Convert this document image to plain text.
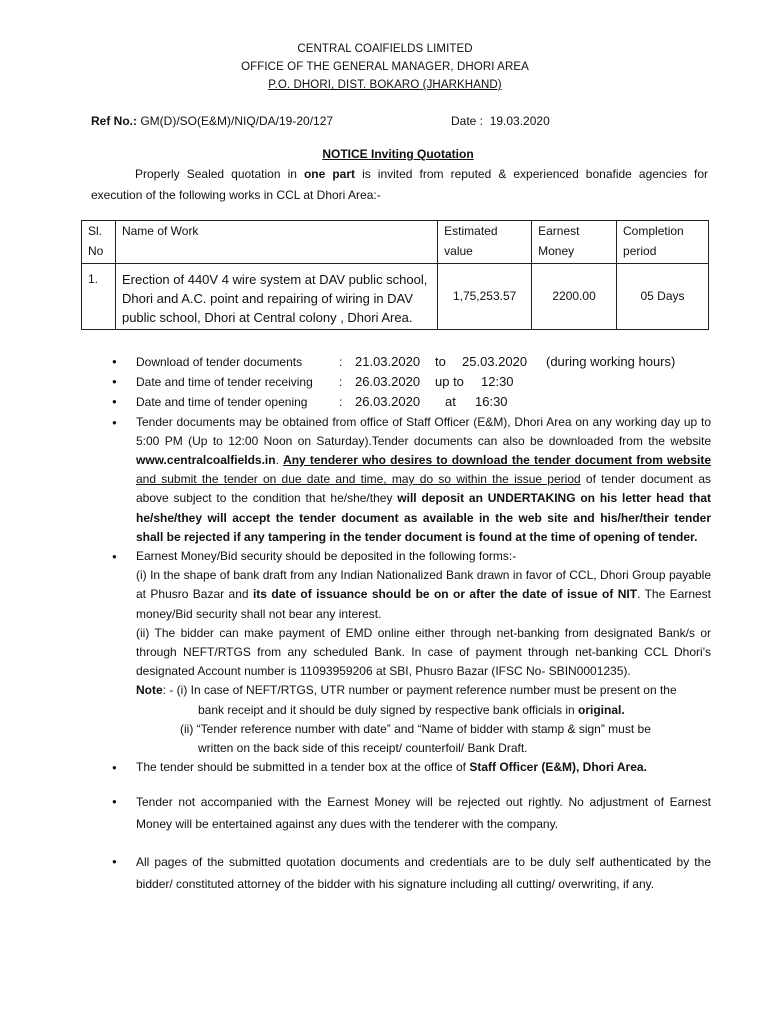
CENTRAL COAlFIELDS LIMITED
OFFICE OF THE GENERAL MANAGER, DHORI AREA
P.O. DHORI, DIST. BOKARO (JHARKHAND)
Ref No.: GM(D)/SO(E&M)/NIQ/DA/19-20/127	Date : 19.03.2020
NOTICE Inviting Quotation
Properly Sealed quotation in one part is invited from reputed & experienced bonafide agencies for execution of the following works in CCL at Dhori Area:-
Sl. No	Name of Work	Estimated value	Earnest Money	Completion period
1.	Erection of 440V 4 wire system at DAV public school, Dhori and A.C. point and repairing of wiring in DAV public school, Dhori at Central colony , Dhori Area.	1,75,253.57	2200.00	05 Days
● Download of tender documents	: 21.03.2020 to 25.03.2020 (during working hours)
● Date and time of tender receiving : 26.03.2020 up to 12:30
● Date and time of tender opening	: 26.03.2020 at 16:30
● Tender documents may be obtained from office of Staff Officer (E&M), Dhori Area on any working day up to 5:00 PM (Up to 12:00 Noon on Saturday).Tender documents can also be downloaded from the website www.centralcoalfields.in. Any tenderer who desires to download the tender document from website and submit the tender on due date and time, may do so within the issue period of tender document as above subject to the condition that he/she/they will deposit an UNDERTAKING on his letter head that he/she/they will accept the tender document as available in the web site and his/her/their tender shall be rejected if any tampering in the tender document is found at the time of opening of tender.
● Earnest Money/Bid security should be deposited in the following forms:-
(i) In the shape of bank draft from any Indian Nationalized Bank drawn in favor of CCL, Dhori Group payable at Phusro Bazar and its date of issuance should be on or after the date of issue of NIT. The Earnest money/Bid security shall not bear any interest.
(ii) The bidder can make payment of EMD online either through net-banking from designated Bank/s or through NEFT/RTGS from any scheduled Bank. In case of payment through net-banking CCL Dhori's designated Account number is 11093959206 at SBI, Phusro Bazar (IFSC No- SBIN0001235).
Note: - (i) In case of NEFT/RTGS, UTR number or payment reference number must be present on the
bank receipt and it should be duly signed by respective bank officials in original.
(ii) “Tender reference number with date” and “Name of bidder with stamp & sign” must be
written on the back side of this receipt/ counterfoil/ Bank Draft.
● The tender should be submitted in a tender box at the office of Staff Officer (E&M), Dhori Area.
● Tender not accompanied with the Earnest Money will be rejected out rightly. No adjustment of Earnest Money will be entertained against any dues with the tenderer with the company.
● All pages of the submitted quotation documents and credentials are to be duly self authenticated by the bidder/ constituted attorney of the bidder with his signature including all cutting/ overwriting, if any.
